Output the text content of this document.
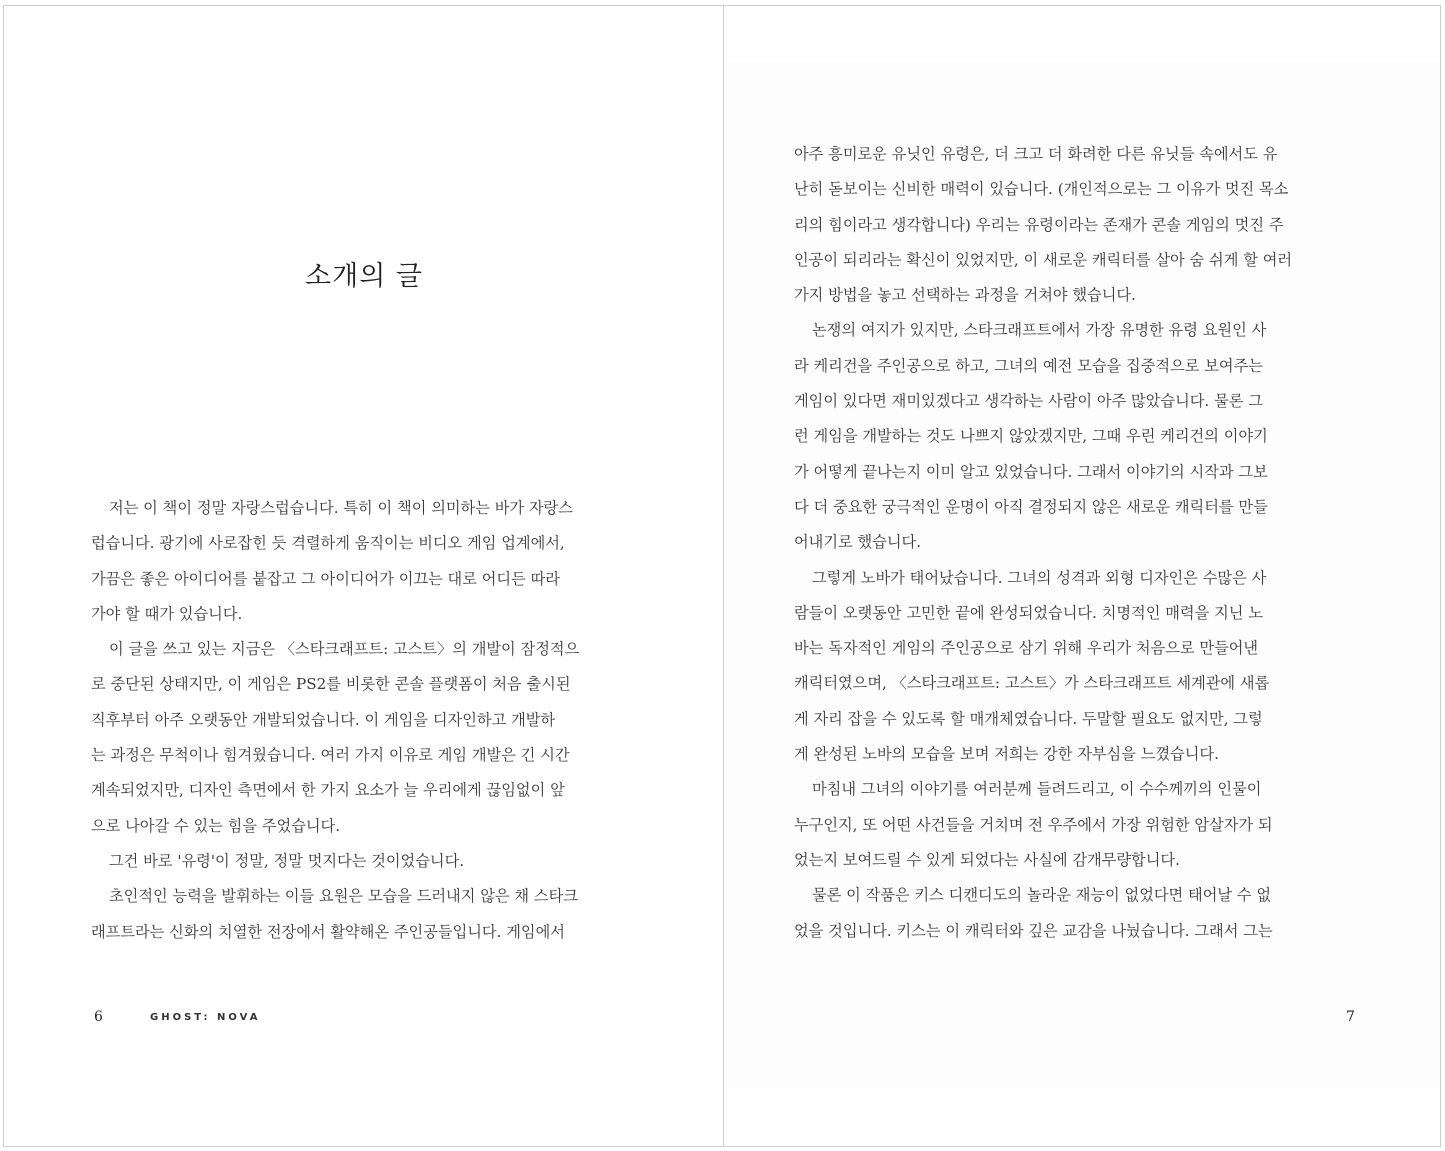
소개의 글
저는 이 책이 정말 자랑스럽습니다. 특히 이 책이 의미하는 바가 자랑스
럽습니다. 광기에 사로잡힌 듯 격렬하게 움직이는 비디오 게임 업계에서,
가끔은 좋은 아이디어를 붙잡고 그 아이디어가 이끄는 대로 어디든 따라
가야 할 때가 있습니다.
이 글을 쓰고 있는 지금은 〈스타크래프트: 고스트〉의 개발이 잠정적으
로 중단된 상태지만, 이 게임은 PS2를 비롯한 콘솔 플랫폼이 처음 출시된
직후부터 아주 오랫동안 개발되었습니다. 이 게임을 디자인하고 개발하
는 과정은 무척이나 힘겨웠습니다. 여러 가지 이유로 게임 개발은 긴 시간
계속되었지만, 디자인 측면에서 한 가지 요소가 늘 우리에게 끊임없이 앞
으로 나아갈 수 있는 힘을 주었습니다.
그건 바로 '유령'이 정말, 정말 멋지다는 것이었습니다.
초인적인 능력을 발휘하는 이들 요원은 모습을 드러내지 않은 채 스타크
래프트라는 신화의 치열한 전장에서 활약해온 주인공들입니다. 게임에서
6	GHOST: NOVA
아주 흥미로운 유닛인 유령은, 더 크고 더 화려한 다른 유닛들 속에서도 유
난히 돋보이는 신비한 매력이 있습니다. (개인적으로는 그 이유가 멋진 목소
리의 힘이라고 생각합니다) 우리는 유령이라는 존재가 콘솔 게임의 멋진 주
인공이 되리라는 확신이 있었지만, 이 새로운 캐릭터를 살아 숨 쉬게 할 여러
가지 방법을 놓고 선택하는 과정을 거쳐야 했습니다.
논쟁의 여지가 있지만, 스타크래프트에서 가장 유명한 유령 요원인 사
라 케리건을 주인공으로 하고, 그녀의 예전 모습을 집중적으로 보여주는
게임이 있다면 재미있겠다고 생각하는 사람이 아주 많았습니다. 물론 그
런 게임을 개발하는 것도 나쁘지 않았겠지만, 그때 우린 케리건의 이야기
가 어떻게 끝나는지 이미 알고 있었습니다. 그래서 이야기의 시작과 그보
다 더 중요한 궁극적인 운명이 아직 결정되지 않은 새로운 캐릭터를 만들
어내기로 했습니다.
그렇게 노바가 태어났습니다. 그녀의 성격과 외형 디자인은 수많은 사
람들이 오랫동안 고민한 끝에 완성되었습니다. 치명적인 매력을 지닌 노
바는 독자적인 게임의 주인공으로 삼기 위해 우리가 처음으로 만들어낸
캐릭터였으며, 〈스타크래프트: 고스트〉가 스타크래프트 세계관에 새롭
게 자리 잡을 수 있도록 할 매개체였습니다. 두말할 필요도 없지만, 그렇
게 완성된 노바의 모습을 보며 저희는 강한 자부심을 느꼈습니다.
마침내 그녀의 이야기를 여러분께 들려드리고, 이 수수께끼의 인물이
누구인지, 또 어떤 사건들을 거치며 전 우주에서 가장 위험한 암살자가 되
었는지 보여드릴 수 있게 되었다는 사실에 감개무량합니다.
물론 이 작품은 키스 디캔디도의 놀라운 재능이 없었다면 태어날 수 없
었을 것입니다. 키스는 이 캐릭터와 깊은 교감을 나눴습니다. 그래서 그는
7
